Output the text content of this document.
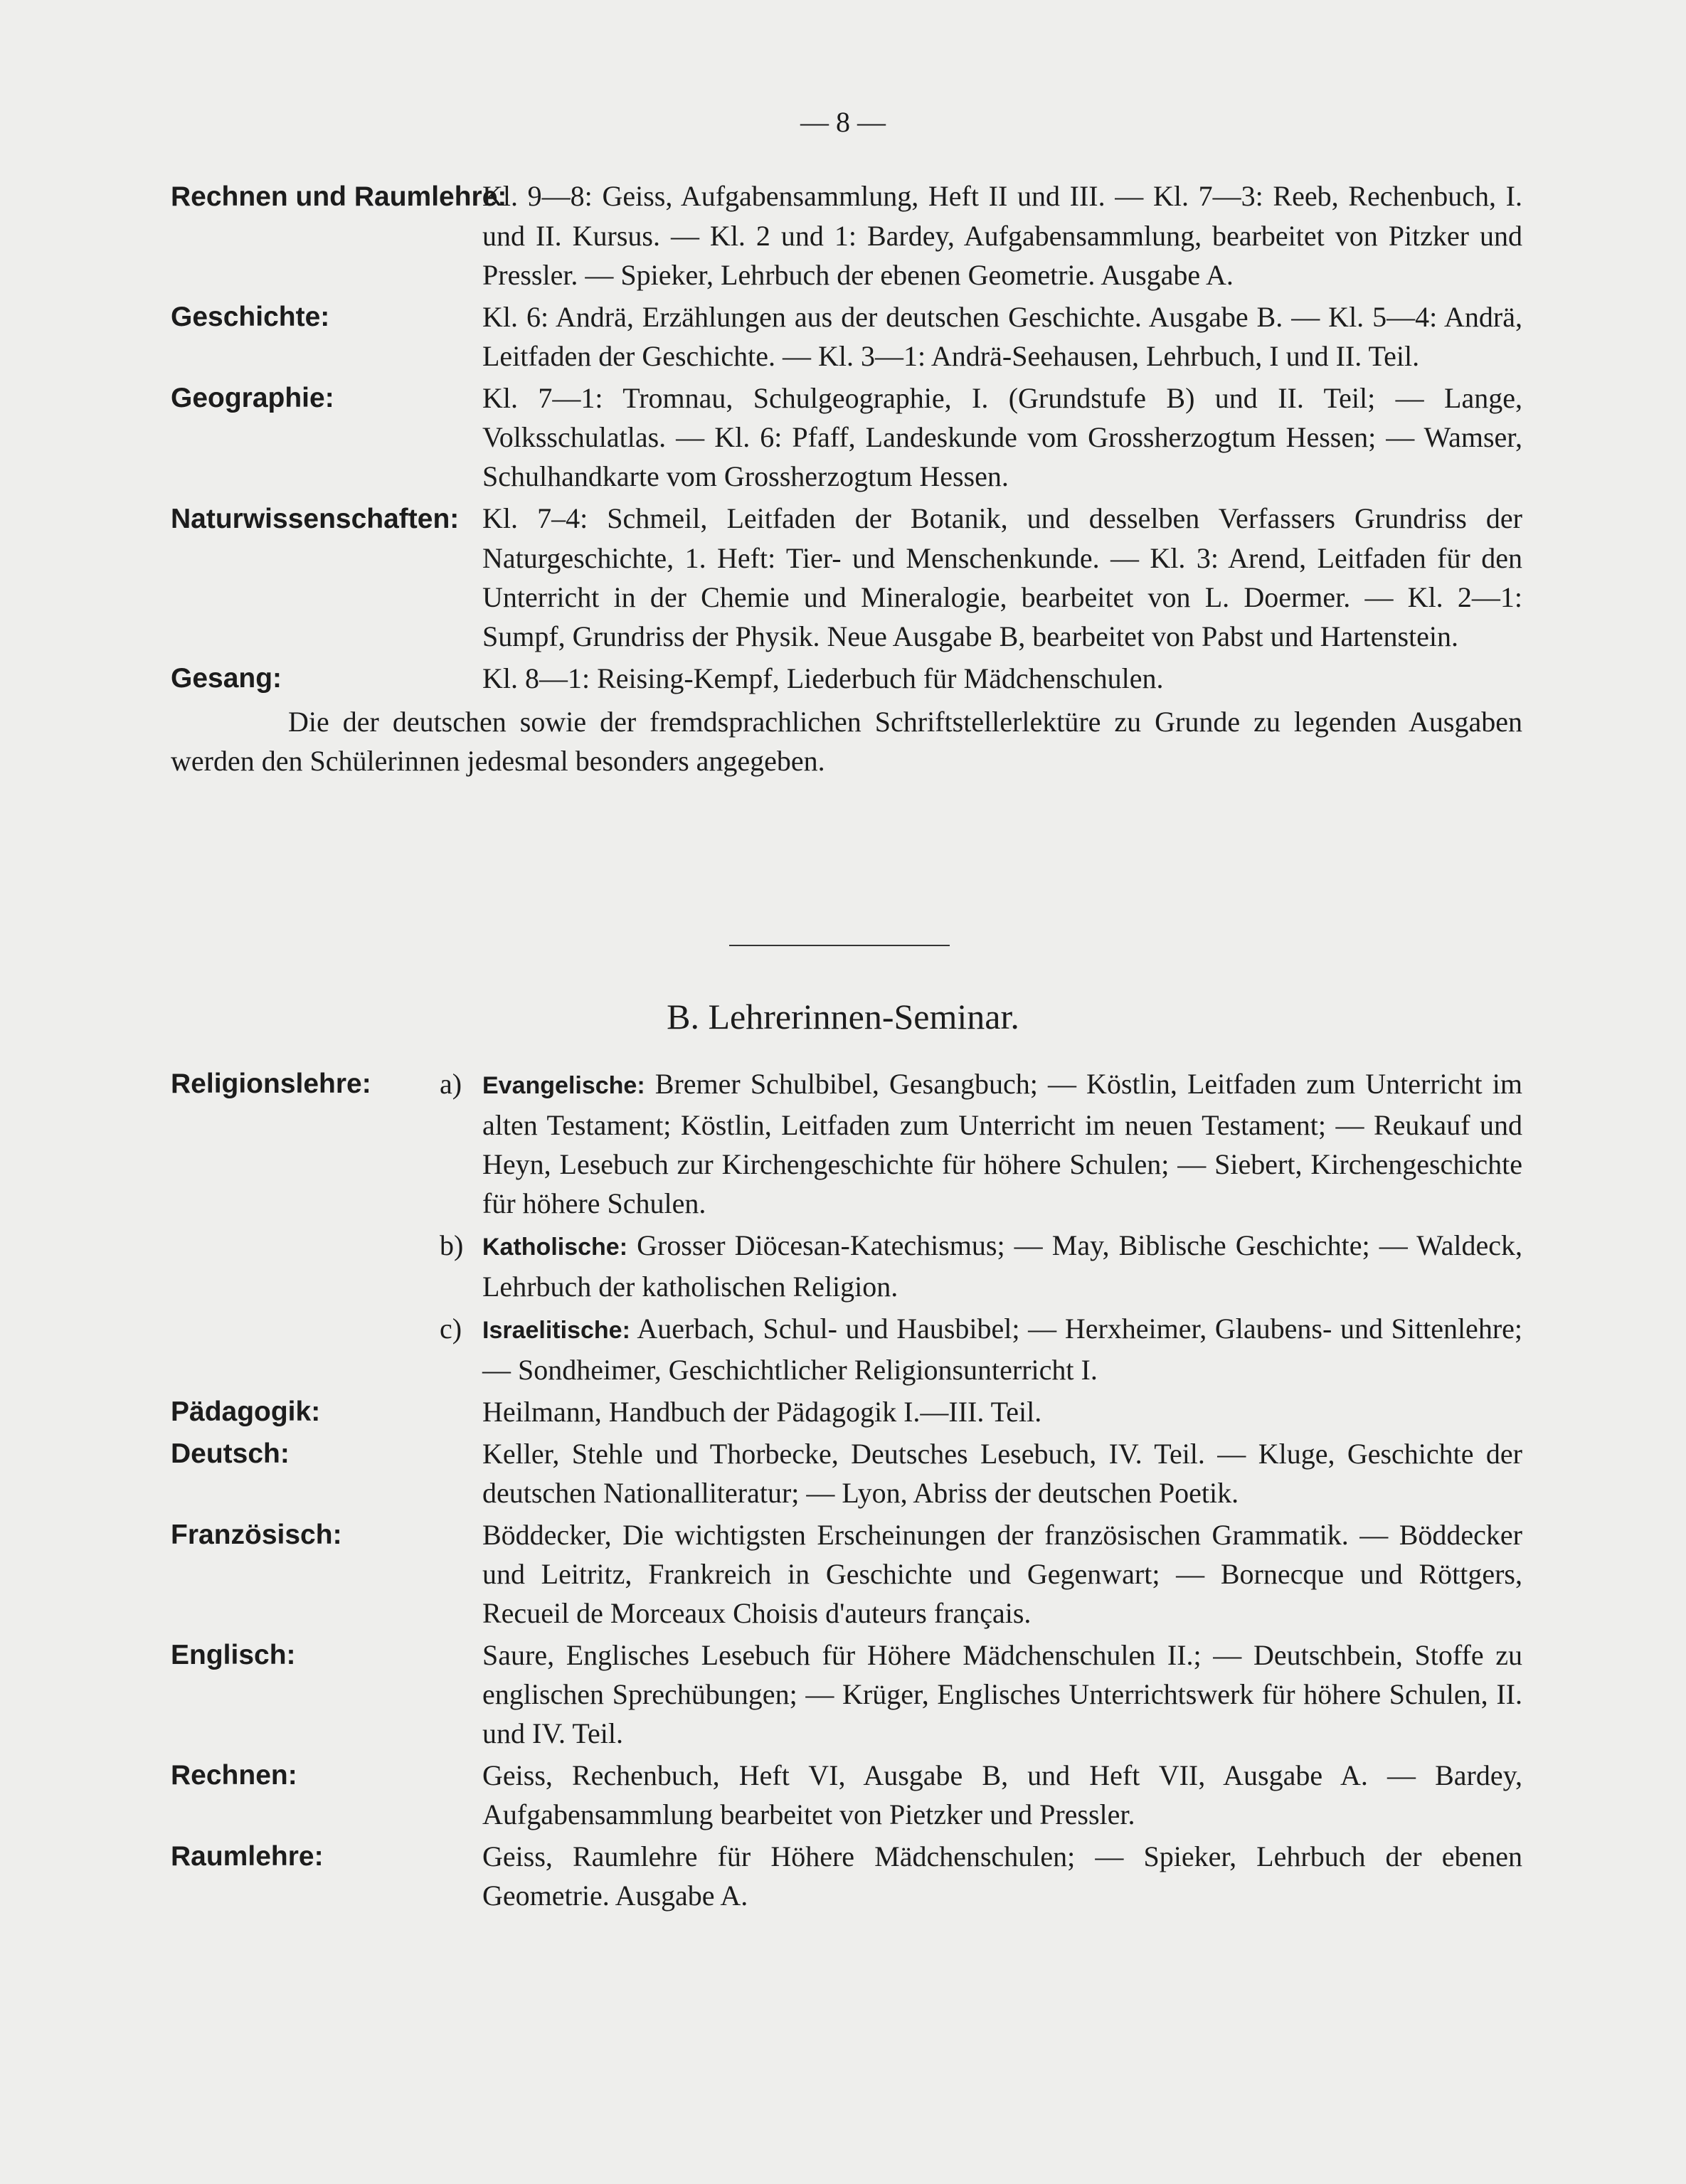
— 8 —
Rechnen und Raumlehre:Kl. 9—8: Geiss, Aufgabensammlung, Heft II und III. — Kl. 7—3: Reeb, Rechenbuch, I. und II. Kursus. — Kl. 2 und 1: Bardey, Aufgabensammlung, bearbeitet von Pitzker und Pressler. — Spieker, Lehrbuch der ebenen Geometrie. Ausgabe A.
Geschichte:	Kl. 6: Andrä, Erzählungen aus der deutschen Geschichte. Ausgabe B. — Kl. 5—4: Andrä, Leitfaden der Geschichte. — Kl. 3—1: Andrä-Seehausen, Lehrbuch, I und II. Teil.
Geographie:	Kl. 7—1: Tromnau, Schulgeographie, I. (Grundstufe B) und II. Teil; — Lange, Volksschulatlas. — Kl. 6: Pfaff, Landeskunde vom Grossherzogtum Hessen; — Wamser, Schulhandkarte vom Grossherzogtum Hessen.
Naturwissenschaften: Kl. 7–4: Schmeil, Leitfaden der Botanik, und desselben Verfassers Grundriss der Naturgeschichte, 1. Heft: Tier- und Menschenkunde. — Kl. 3: Arend, Leitfaden für den Unterricht in der Chemie und Mineralogie, bearbeitet von L. Doermer. — Kl. 2—1: Sumpf, Grundriss der Physik. Neue Ausgabe B, bearbeitet von Pabst und Hartenstein.
Gesang:	Kl. 8—1: Reising-Kempf, Liederbuch für Mädchenschulen.
Die der deutschen sowie der fremdsprachlichen Schriftstellerlektüre zu Grunde zu legenden Ausgaben werden den Schülerinnen jedesmal besonders angegeben.
B. Lehrerinnen-Seminar.
Religionslehre: a) Evangelische: Bremer Schulbibel, Gesangbuch; — Köstlin, Leitfaden zum Unterricht im alten Testament; Köstlin, Leitfaden zum Unterricht im neuen Testament; — Reukauf und Heyn, Lesebuch zur Kirchengeschichte für höhere Schulen; — Siebert, Kirchengeschichte für höhere Schulen.
b) Katholische: Grosser Diöcesan-Katechismus; — May, Biblische Geschichte; — Waldeck, Lehrbuch der katholischen Religion.
c) Israelitische: Auerbach, Schul- und Hausbibel; — Herxheimer, Glaubens- und Sittenlehre; — Sondheimer, Geschichtlicher Religionsunterricht I.
Pädagogik:	Heilmann, Handbuch der Pädagogik I.—III. Teil.
Deutsch:	Keller, Stehle und Thorbecke, Deutsches Lesebuch, IV. Teil. — Kluge, Geschichte der deutschen Nationalliteratur; — Lyon, Abriss der deutschen Poetik.
Französisch:	Böddecker, Die wichtigsten Erscheinungen der französischen Grammatik. — Böddecker und Leitritz, Frankreich in Geschichte und Gegenwart; — Bornecque und Röttgers, Recueil de Morceaux Choisis d'auteurs français.
Englisch:	Saure, Englisches Lesebuch für Höhere Mädchenschulen II.; — Deutschbein, Stoffe zu englischen Sprechübungen; — Krüger, Englisches Unterrichtswerk für höhere Schulen, II. und IV. Teil.
Rechnen:	Geiss, Rechenbuch, Heft VI, Ausgabe B, und Heft VII, Ausgabe A. — Bardey, Aufgabensammlung bearbeitet von Pietzker und Pressler.
Raumlehre:	Geiss, Raumlehre für Höhere Mädchenschulen; — Spieker, Lehrbuch der ebenen Geometrie. Ausgabe A.
